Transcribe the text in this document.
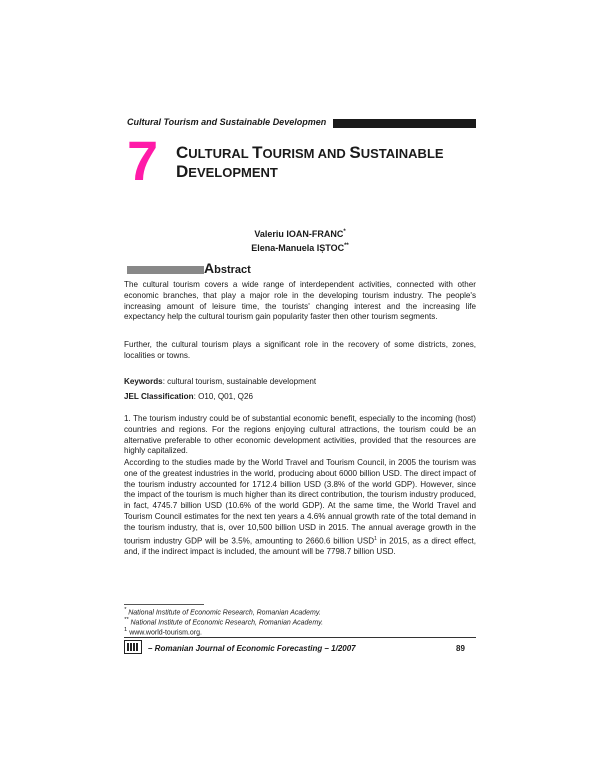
Cultural Tourism and Sustainable Developmen
7 CULTURAL TOURISM AND SUSTAINABLE
DEVELOPMENT
Valeriu IOAN-FRANC*
Elena-Manuela IȘTOC**
Abstract
The cultural tourism covers a wide range of interdependent activities, connected with other economic branches, that play a major role in the developing tourism industry. The people's increasing amount of leisure time, the tourists' changing interest and the increasing life expectancy help the cultural tourism gain popularity faster then other tourism segments.
Further, the cultural tourism plays a significant role in the recovery of some districts, zones, localities or towns.
Keywords: cultural tourism, sustainable development
JEL Classification: O10, Q01, Q26
1. The tourism industry could be of substantial economic benefit, especially to the incoming (host) countries and regions. For the regions enjoying cultural attractions, the tourism could be an alternative preferable to other economic development activities, provided that the resources are highly capitalized.
According to the studies made by the World Travel and Tourism Council, in 2005 the tourism was one of the greatest industries in the world, producing about 6000 billion USD. The direct impact of the tourism industry accounted for 1712.4 billion USD (3.8% of the world GDP). However, since the impact of the tourism is much higher than its direct contribution, the tourism industry produced, in fact, 4745.7 billion USD (10.6% of the world GDP). At the same time, the World Travel and Tourism Council estimates for the next ten years a 4.6% annual growth rate of the total demand in the tourism industry, that is, over 10,500 billion USD in 2015. The annual average growth in the tourism industry GDP will be 3.5%, amounting to 2660.6 billion USD$^1$ in 2015, as a direct effect, and, if the indirect impact is included, the amount will be 7798.7 billion USD.
* National Institute of Economic Research, Romanian Academy.
** National Institute of Economic Research, Romanian Academy.
$^1$ www.world-tourism.org.
– Romanian Journal of Economic Forecasting – 1/2007	89
